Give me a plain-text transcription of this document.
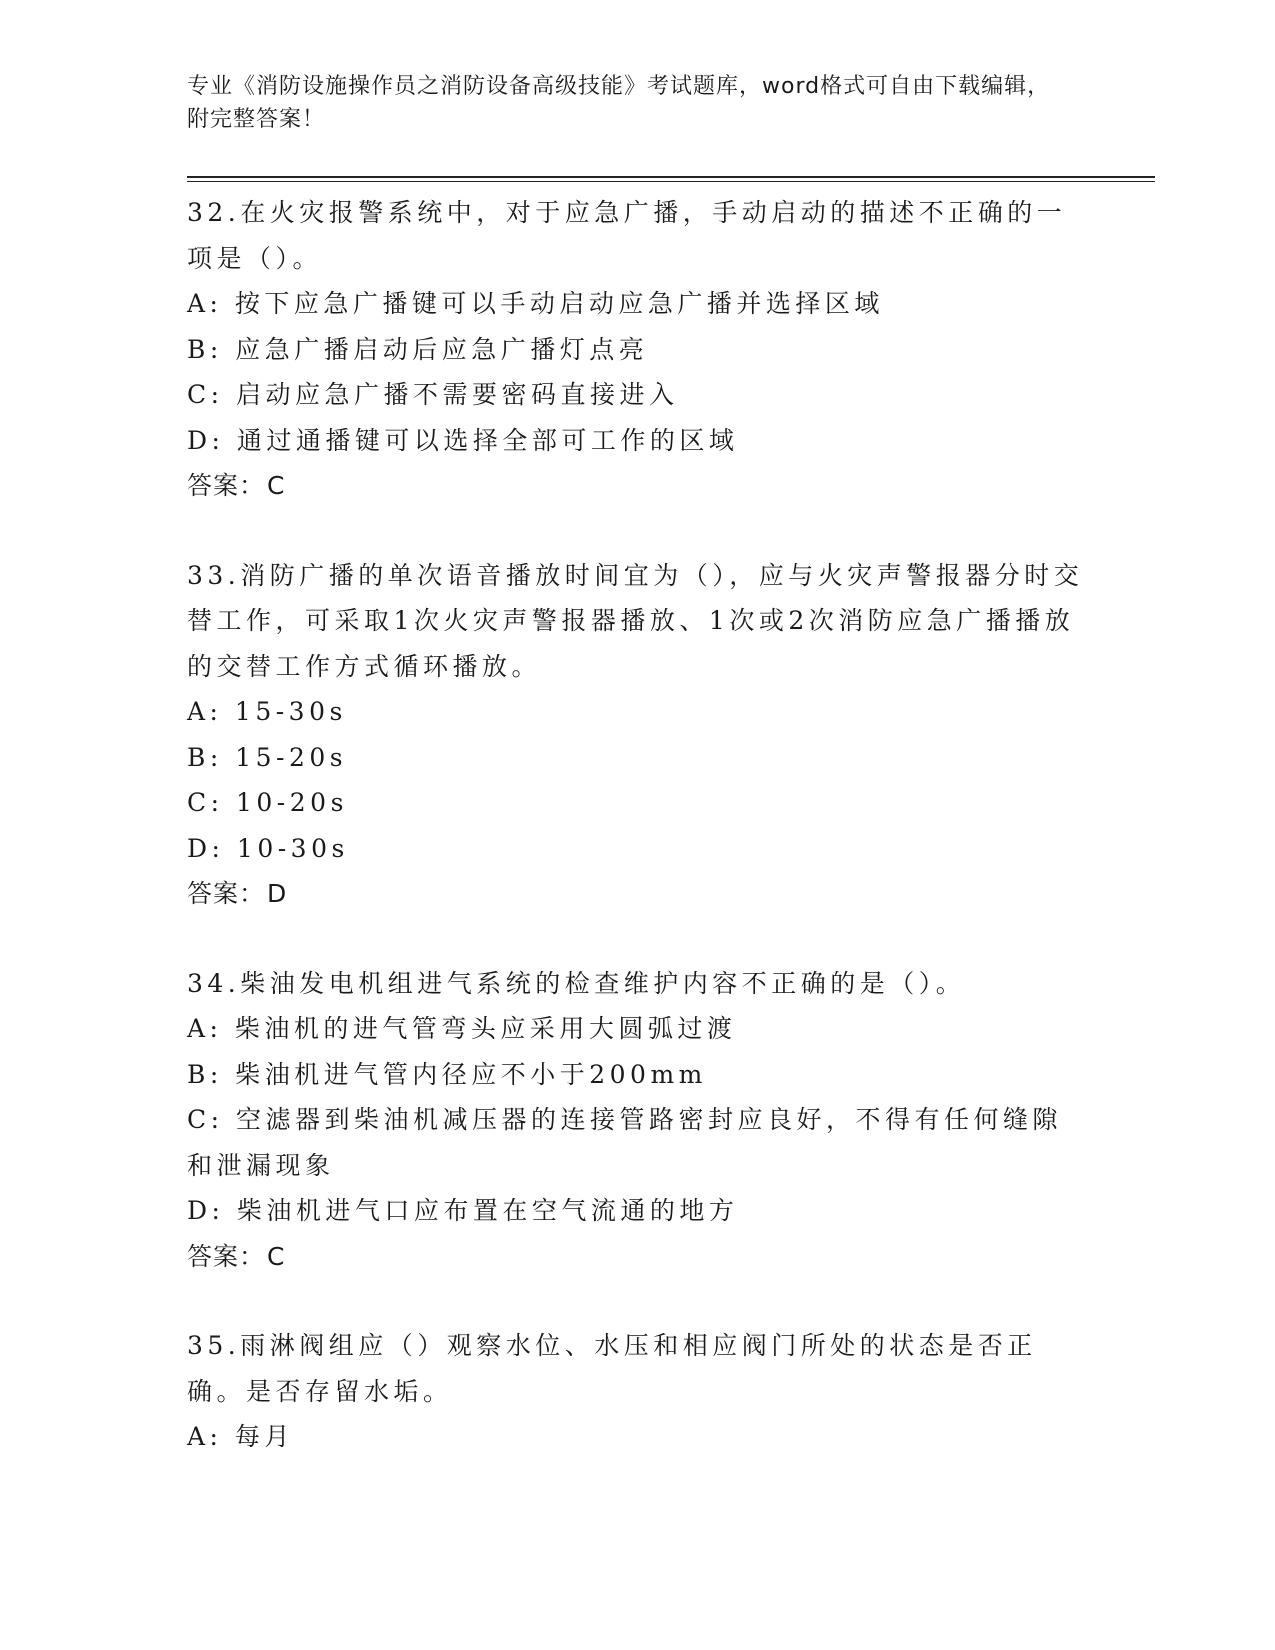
专业《消防设施操作员之消防设备高级技能》考试题库，word格式可自由下载编辑，附完整答案！

32.在火灾报警系统中，对于应急广播，手动启动的描述不正确的一项是（）。

A: 按下应急广播键可以手动启动应急广播并选择区域

B: 应急广播启动后应急广播灯点亮

C: 启动应急广播不需要密码直接进入

D: 通过通播键可以选择全部可工作的区域

答案：C

33.消防广播的单次语音播放时间宜为（），应与火灾声警报器分时交替工作，可采取1次火灾声警报器播放、1次或2次消防应急广播播放的交替工作方式循环播放。

A: 15-30s

B: 15-20s

C: 10-20s

D: 10-30s

答案：D

34.柴油发电机组进气系统的检查维护内容不正确的是（）。

A: 柴油机的进气管弯头应采用大圆弧过渡

B: 柴油机进气管内径应不小于200mm

C: 空滤器到柴油机减压器的连接管路密封应良好，不得有任何缝隙和泄漏现象

D: 柴油机进气口应布置在空气流通的地方

答案：C

35.雨淋阀组应（）观察水位、水压和相应阀门所处的状态是否正确。是否存留水垢。

A: 每月
